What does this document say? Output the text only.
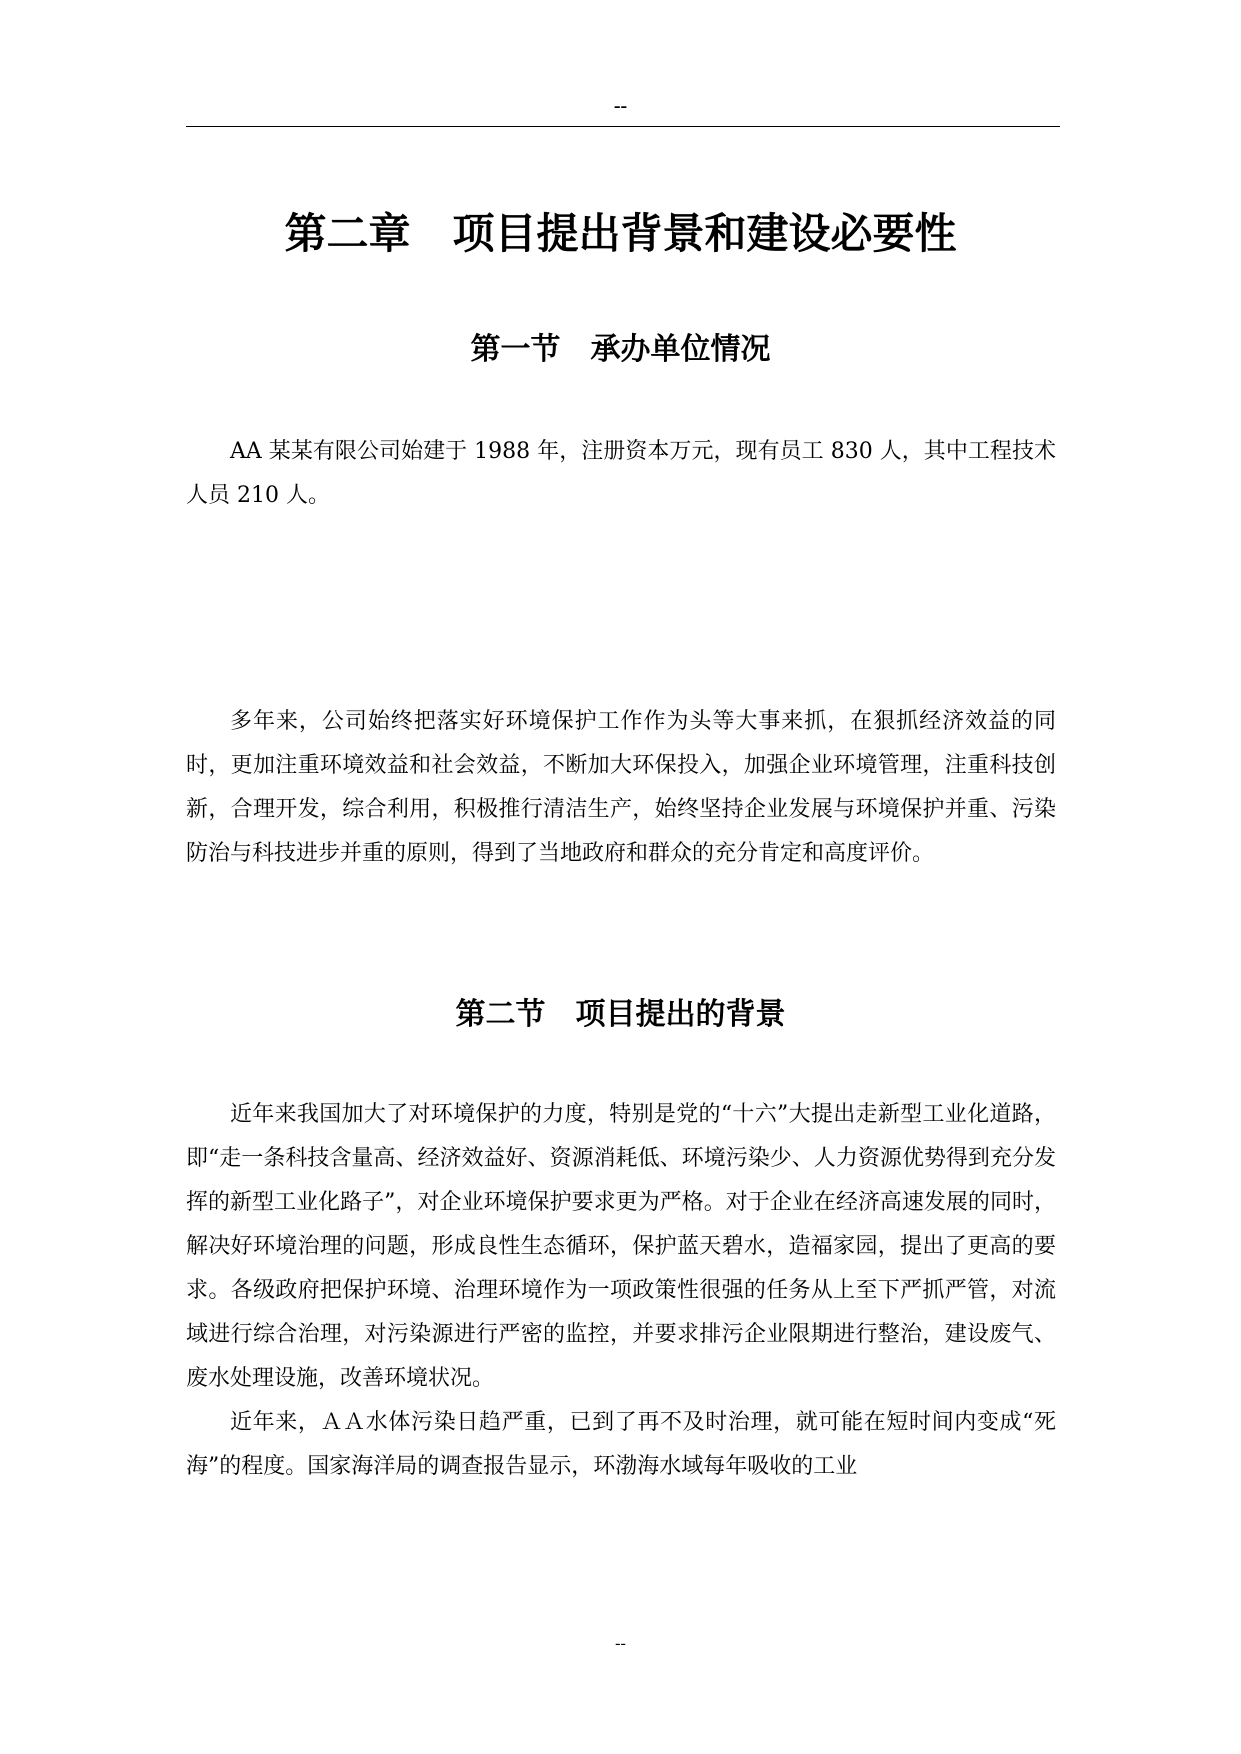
--
第二章　项目提出背景和建设必要性
第一节　承办单位情况

AA 某某有限公司始建于 1988 年，注册资本万元，现有员工 830 人，其中工程技术人员 210 人。

多年来，公司始终把落实好环境保护工作作为头等大事来抓，在狠抓经济效益的同时，更加注重环境效益和社会效益，不断加大环保投入，加强企业环境管理，注重科技创新，合理开发，综合利用，积极推行清洁生产，始终坚持企业发展与环境保护并重、污染防治与科技进步并重的原则，得到了当地政府和群众的充分肯定和高度评价。

第二节　项目提出的背景

近年来我国加大了对环境保护的力度，特别是党的“十六”大提出走新型工业化道路，即“走一条科技含量高、经济效益好、资源消耗低、环境污染少、人力资源优势得到充分发挥的新型工业化路子”，对企业环境保护要求更为严格。对于企业在经济高速发展的同时，解决好环境治理的问题，形成良性生态循环，保护蓝天碧水，造福家园，提出了更高的要求。各级政府把保护环境、治理环境作为一项政策性很强的任务从上至下严抓严管，对流域进行综合治理，对污染源进行严密的监控，并要求排污企业限期进行整治，建设废气、废水处理设施，改善环境状况。

近年来，ＡＡ水体污染日趋严重，已到了再不及时治理，就可能在短时间内变成“死海”的程度。国家海洋局的调查报告显示，环渤海水域每年吸收的工业

--
